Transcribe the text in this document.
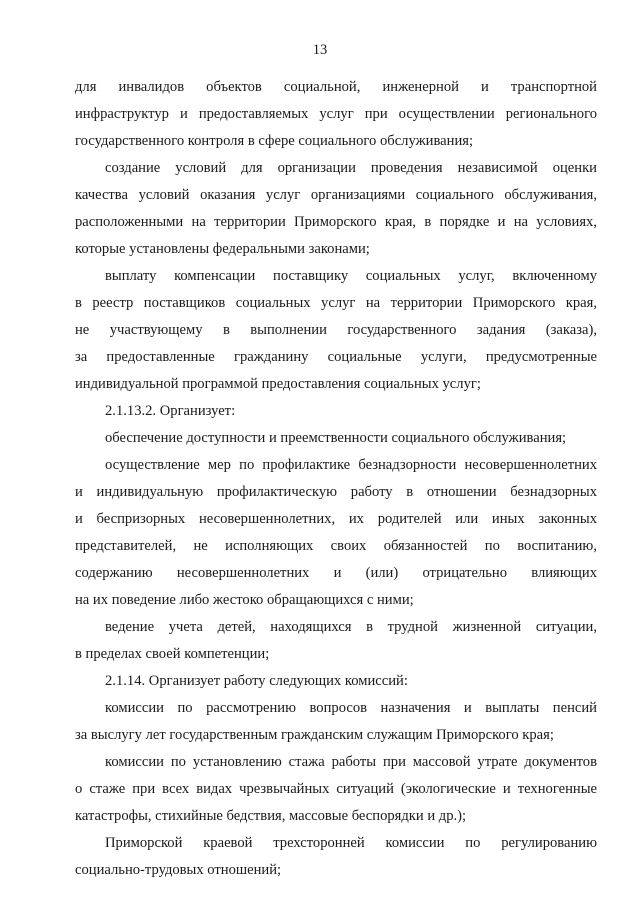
13
для инвалидов объектов социальной, инженерной и транспортной
инфраструктур и предоставляемых услуг при осуществлении регионального
государственного контроля в сфере социального обслуживания;
создание условий для организации проведения независимой оценки
качества условий оказания услуг организациями социального обслуживания,
расположенными на территории Приморского края, в порядке и на условиях,
которые установлены федеральными законами;
выплату компенсации поставщику социальных услуг, включенному
в реестр поставщиков социальных услуг на территории Приморского края,
не участвующему в выполнении государственного задания (заказа),
за предоставленные гражданину социальные услуги, предусмотренные
индивидуальной программой предоставления социальных услуг;
2.1.13.2. Организует:
обеспечение доступности и преемственности социального обслуживания;
осуществление мер по профилактике безнадзорности несовершеннолетних
и индивидуальную профилактическую работу в отношении безнадзорных
и беспризорных несовершеннолетних, их родителей или иных законных
представителей, не исполняющих своих обязанностей по воспитанию,
содержанию несовершеннолетних и (или) отрицательно влияющих
на их поведение либо жестоко обращающихся с ними;
ведение учета детей, находящихся в трудной жизненной ситуации,
в пределах своей компетенции;
2.1.14. Организует работу следующих комиссий:
комиссии по рассмотрению вопросов назначения и выплаты пенсий
за выслугу лет государственным гражданским служащим Приморского края;
комиссии по установлению стажа работы при массовой утрате документов
о стаже при всех видах чрезвычайных ситуаций (экологические и техногенные
катастрофы, стихийные бедствия, массовые беспорядки и др.);
Приморской краевой трехсторонней комиссии по регулированию
социально-трудовых отношений;
